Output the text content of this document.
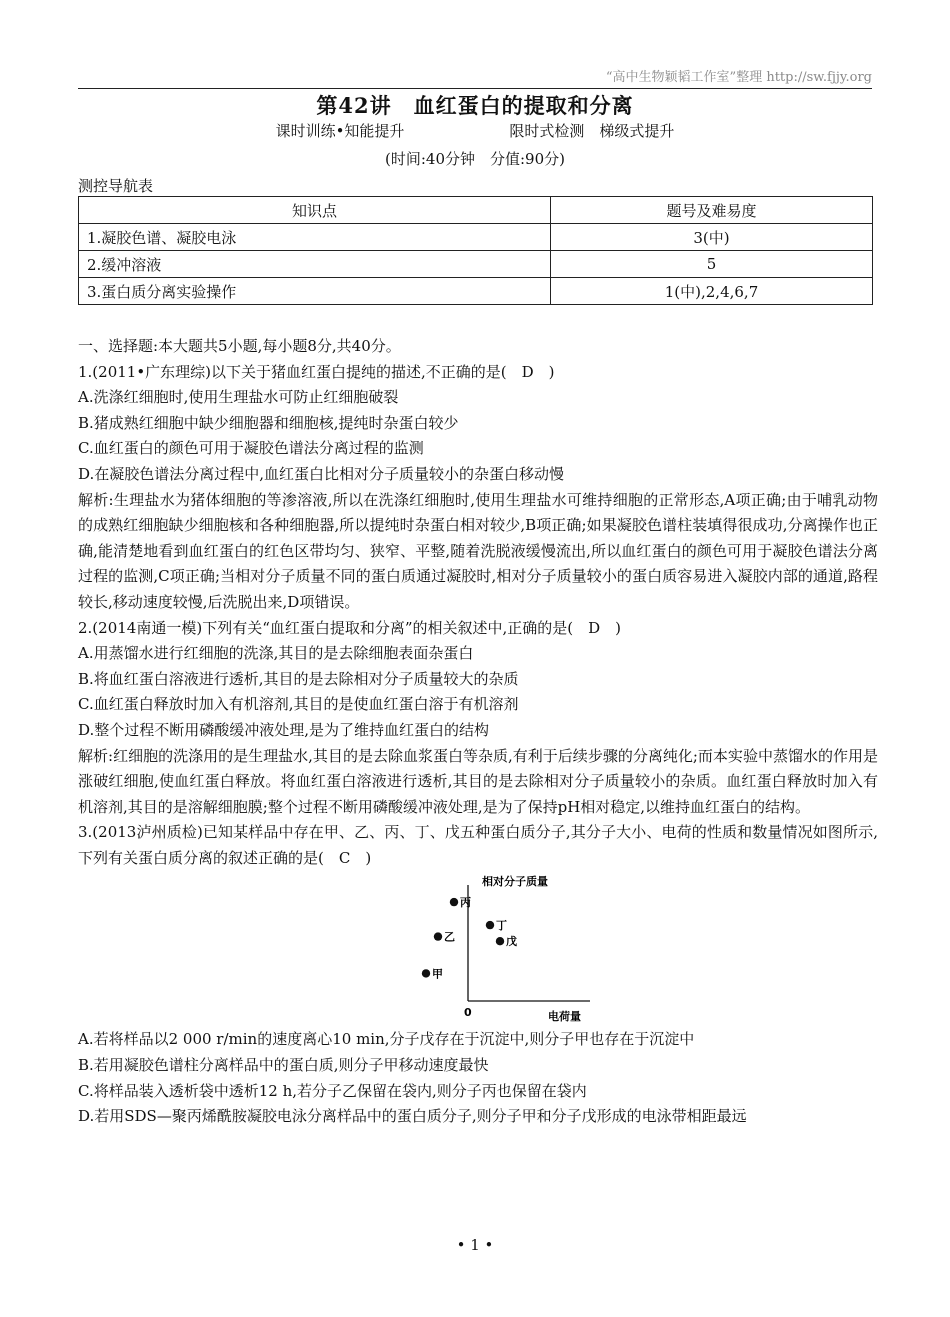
“高中生物颖韬工作室”整理 http://sw.fjjy.org
第42讲　血红蛋白的提取和分离
课时训练•知能提升　　　　　　　限时式检测　梯级式提升
(时间:40分钟　分值:90分)
测控导航表
知识点	题号及难易度
1.凝胶色谱、凝胶电泳	3(中)
2.缓冲溶液	5
3.蛋白质分离实验操作	1(中),2,4,6,7

一、选择题:本大题共5小题,每小题8分,共40分。

1.(2011•广东理综)以下关于猪血红蛋白提纯的描述,不正确的是(　D　)

A.洗涤红细胞时,使用生理盐水可防止红细胞破裂

B.猪成熟红细胞中缺少细胞器和细胞核,提纯时杂蛋白较少

C.血红蛋白的颜色可用于凝胶色谱法分离过程的监测

D.在凝胶色谱法分离过程中,血红蛋白比相对分子质量较小的杂蛋白移动慢

解析:生理盐水为猪体细胞的等渗溶液,所以在洗涤红细胞时,使用生理盐水可维持细胞的正常形态,A项正确;由于哺乳动物的成熟红细胞缺少细胞核和各种细胞器,所以提纯时杂蛋白相对较少,B项正确;如果凝胶色谱柱装填得很成功,分离操作也正确,能清楚地看到血红蛋白的红色区带均匀、狭窄、平整,随着洗脱液缓慢流出,所以血红蛋白的颜色可用于凝胶色谱法分离过程的监测,C项正确;当相对分子质量不同的蛋白质通过凝胶时,相对分子质量较小的蛋白质容易进入凝胶内部的通道,路程较长,移动速度较慢,后洗脱出来,D项错误。

2.(2014南通一模)下列有关“血红蛋白提取和分离”的相关叙述中,正确的是(　D　)

A.用蒸馏水进行红细胞的洗涤,其目的是去除细胞表面杂蛋白

B.将血红蛋白溶液进行透析,其目的是去除相对分子质量较大的杂质

C.血红蛋白释放时加入有机溶剂,其目的是使血红蛋白溶于有机溶剂

D.整个过程不断用磷酸缓冲液处理,是为了维持血红蛋白的结构

解析:红细胞的洗涤用的是生理盐水,其目的是去除血浆蛋白等杂质,有利于后续步骤的分离纯化;而本实验中蒸馏水的作用是涨破红细胞,使血红蛋白释放。将血红蛋白溶液进行透析,其目的是去除相对分子质量较小的杂质。血红蛋白释放时加入有机溶剂,其目的是溶解细胞膜;整个过程不断用磷酸缓冲液处理,是为了保持pH相对稳定,以维持血红蛋白的结构。

3.(2013泸州质检)已知某样品中存在甲、乙、丙、丁、戊五种蛋白质分子,其分子大小、电荷的性质和数量情况如图所示,下列有关蛋白质分离的叙述正确的是(　C　)

相对分子质量
电荷量
0
丙
乙
甲
丁
戊

A.若将样品以2 000 r/min的速度离心10 min,分子戊存在于沉淀中,则分子甲也存在于沉淀中

B.若用凝胶色谱柱分离样品中的蛋白质,则分子甲移动速度最快

C.将样品装入透析袋中透析12 h,若分子乙保留在袋内,则分子丙也保留在袋内

D.若用SDS—聚丙烯酰胺凝胶电泳分离样品中的蛋白质分子,则分子甲和分子戊形成的电泳带相距最远

• 1 •
